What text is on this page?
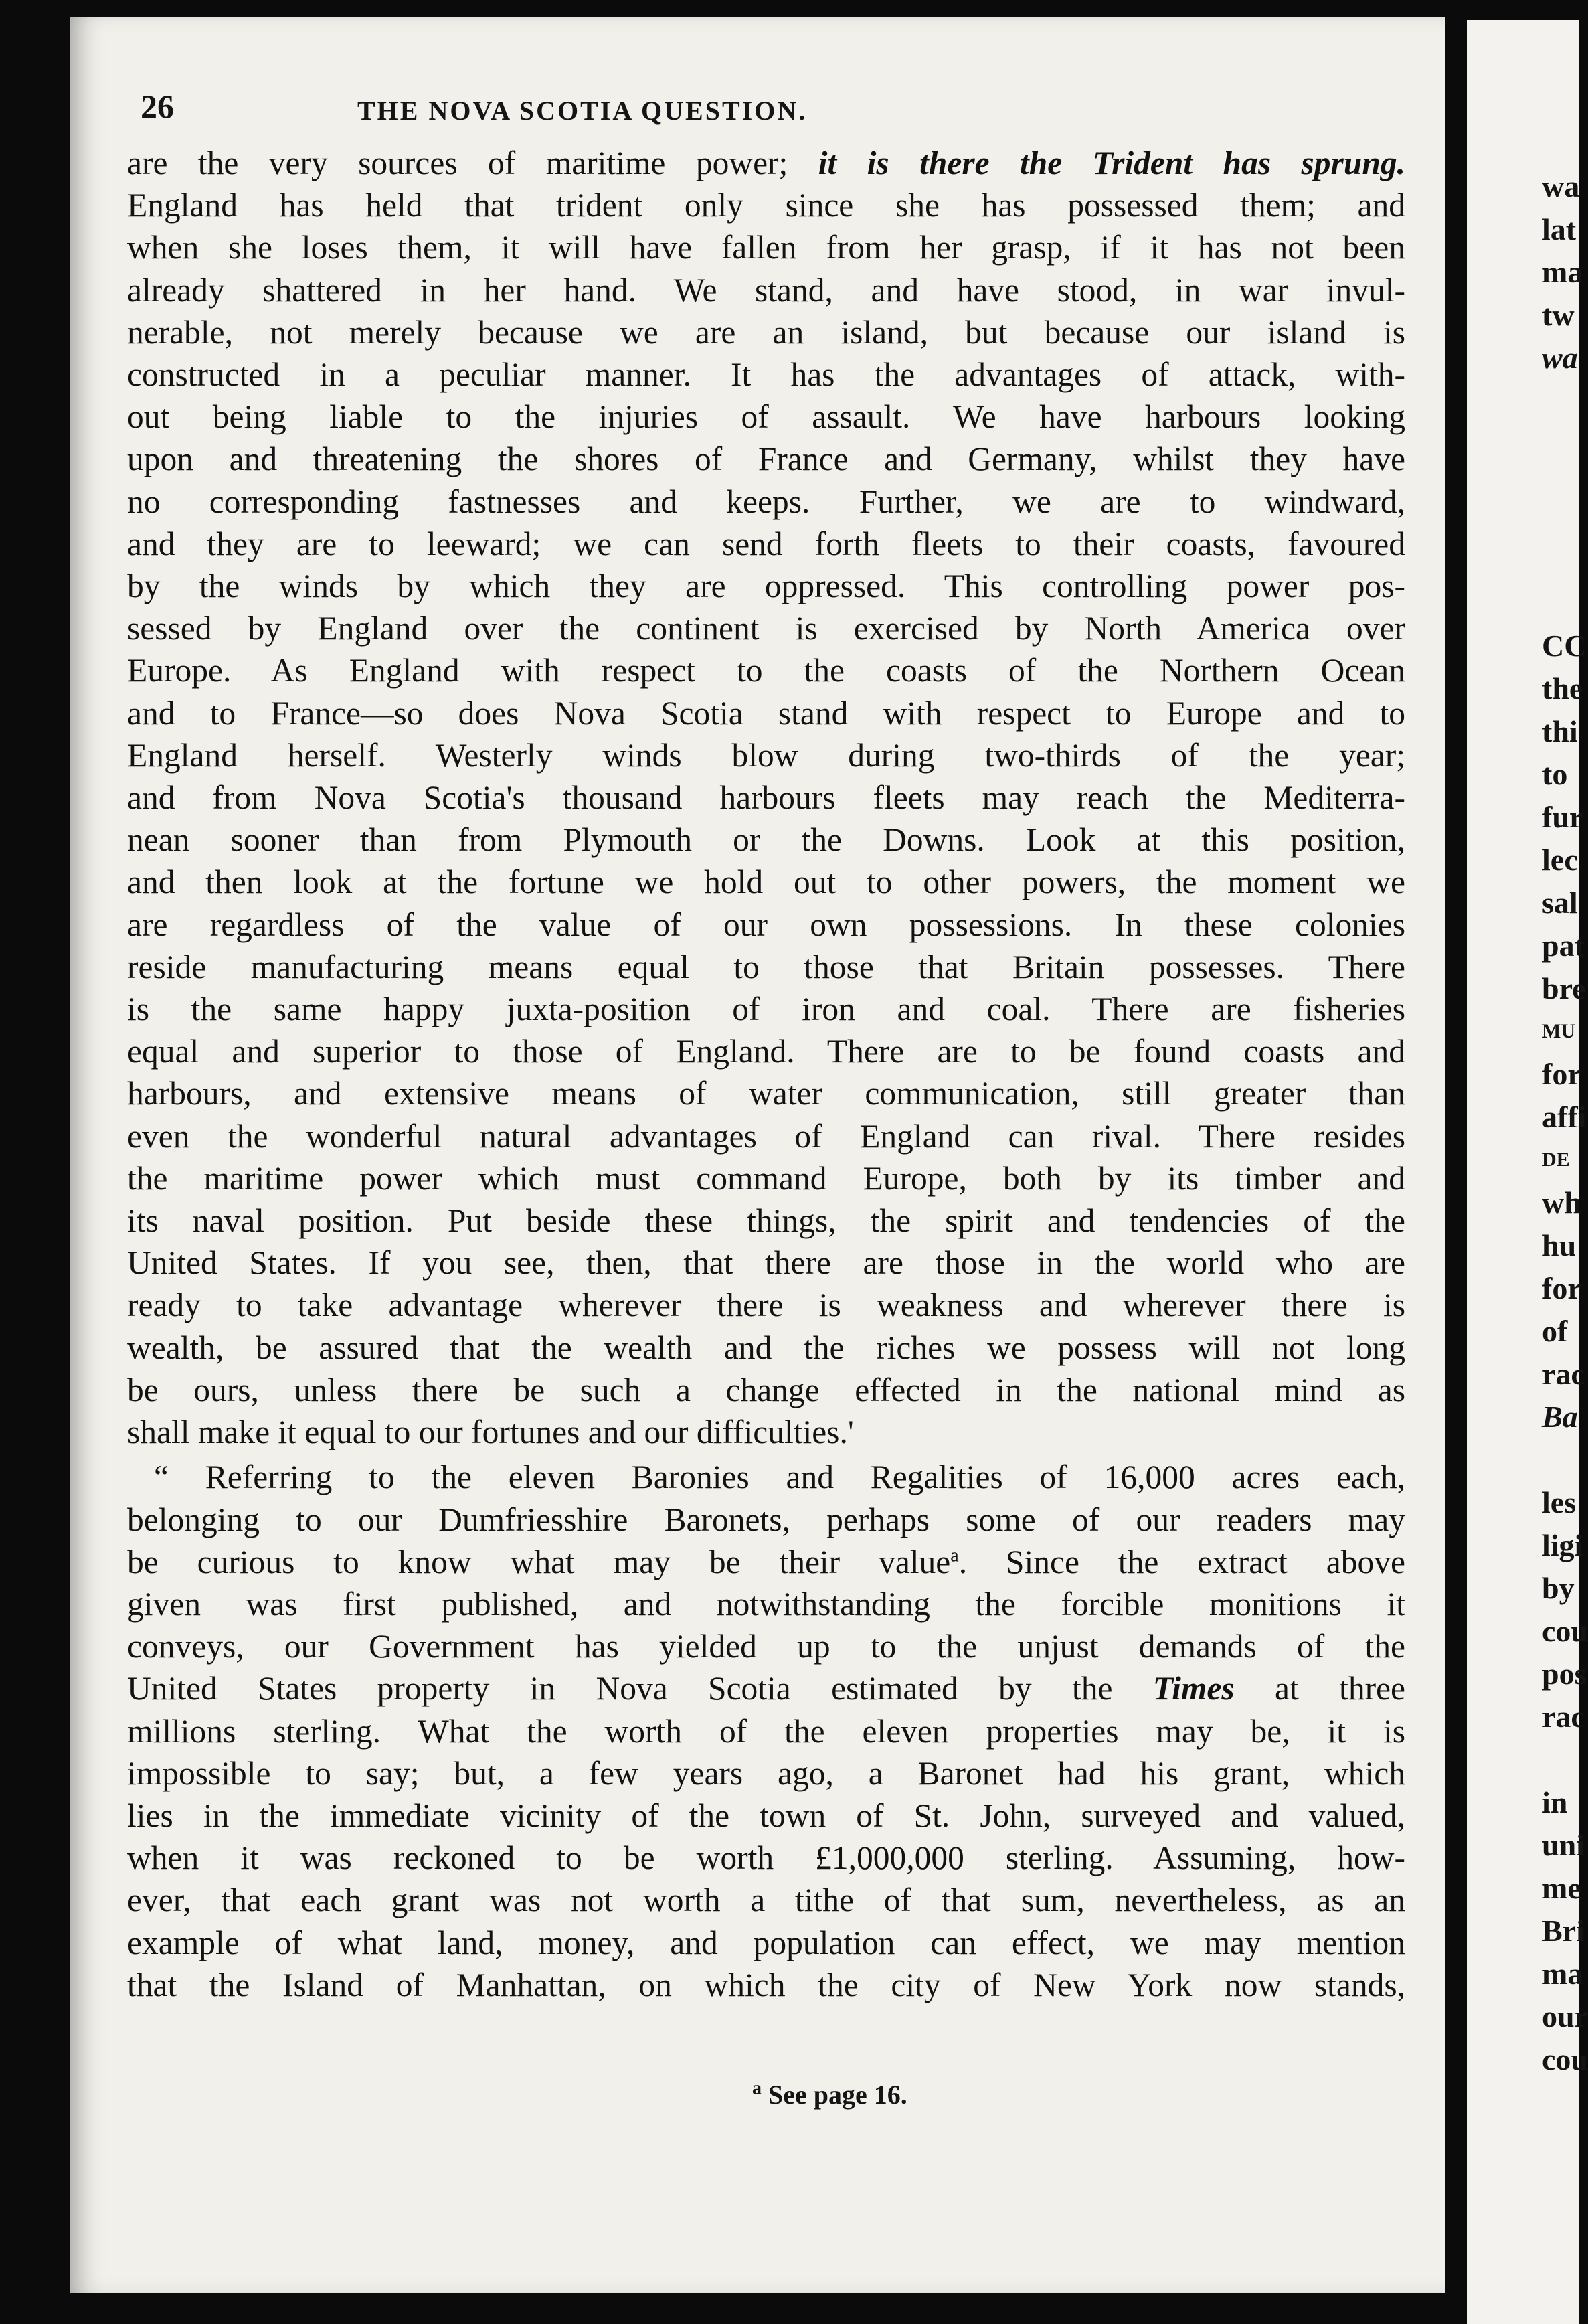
26	THE NOVA SCOTIA QUESTION.

are the very sources of maritime power; it is there the Trident has sprung.
England has held that trident only since she has possessed them; and
when she loses them, it will have fallen from her grasp, if it has not been
already shattered in her hand. We stand, and have stood, in war invul-
nerable, not merely because we are an island, but because our island is
constructed in a peculiar manner. It has the advantages of attack, with-
out being liable to the injuries of assault. We have harbours looking
upon and threatening the shores of France and Germany, whilst they have
no corresponding fastnesses and keeps. Further, we are to windward,
and they are to leeward; we can send forth fleets to their coasts, favoured
by the winds by which they are oppressed. This controlling power pos-
sessed by England over the continent is exercised by North America over
Europe. As England with respect to the coasts of the Northern Ocean
and to France—so does Nova Scotia stand with respect to Europe and to
England herself. Westerly winds blow during two-thirds of the year;
and from Nova Scotia's thousand harbours fleets may reach the Mediterra-
nean sooner than from Plymouth or the Downs. Look at this position,
and then look at the fortune we hold out to other powers, the moment we
are regardless of the value of our own possessions. In these colonies
reside manufacturing means equal to those that Britain possesses. There
is the same happy juxta-position of iron and coal. There are fisheries
equal and superior to those of England. There are to be found coasts and
harbours, and extensive means of water communication, still greater than
even the wonderful natural advantages of England can rival. There resides
the maritime power which must command Europe, both by its timber and
its naval position. Put beside these things, the spirit and tendencies of the
United States. If you see, then, that there are those in the world who are
ready to take advantage wherever there is weakness and wherever there is
wealth, be assured that the wealth and the riches we possess will not long
be ours, unless there be such a change effected in the national mind as
shall make it equal to our fortunes and our difficulties.'

“ Referring to the eleven Baronies and Regalities of 16,000 acres each,
belonging to our Dumfriesshire Baronets, perhaps some of our readers may
be curious to know what may be their value$^a$. Since the extract above
given was first published, and notwithstanding the forcible monitions it
conveys, our Government has yielded up to the unjust demands of the
United States property in Nova Scotia estimated by the Times at three
millions sterling. What the worth of the eleven properties may be, it is
impossible to say; but, a few years ago, a Baronet had his grant, which
lies in the immediate vicinity of the town of St. John, surveyed and valued,
when it was reckoned to be worth £1,000,000 sterling. Assuming, how-
ever, that each grant was not worth a tithe of that sum, nevertheless, as an
example of what land, money, and population can effect, we may mention
that the Island of Manhattan, on which the city of New York now stands,

$^a$ See page 16.
wa
lat
ma
tw
wa
CC
the
thi
to
fur
lec
sal
pat
bre
MU
for
affi
DE
wh
hu
for
of
rac
Ba
les
ligi
by
cou
pos
rac
in
uni
me
Bri
ma
our
cou
